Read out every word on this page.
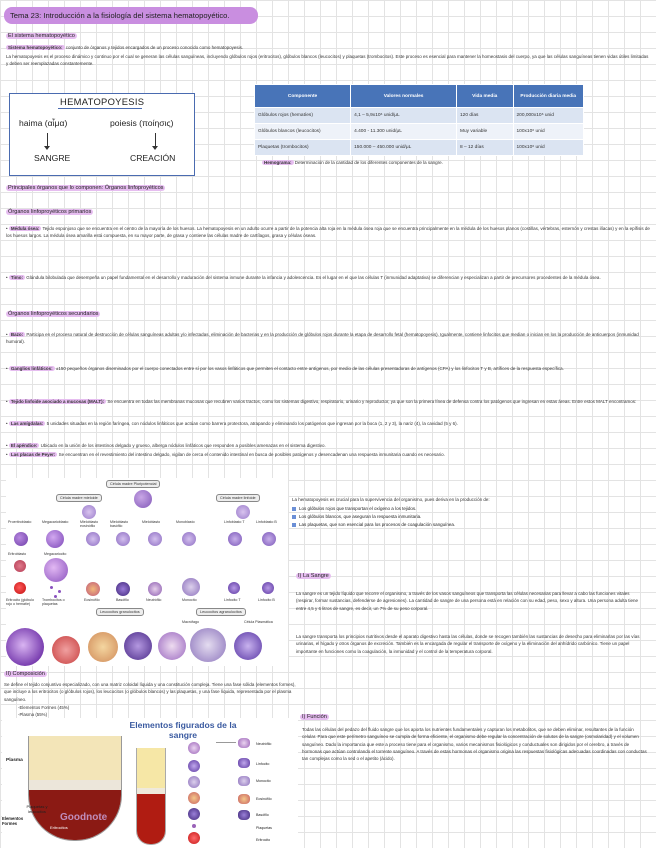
Tema 23: Introducción a la fisiología del sistema hematopoyético.
El sistema hematopoyético
Sistema hematopoyético: conjunto de órganos y tejidos encargados de un proceso conocido como hematopoyesis.
La hematopoyesis es el proceso dinámico y continuo por el cual se generan las células sanguíneas, incluyendo glóbulos rojos (eritrocitos), glóbulos blancos (leucocitos) y plaquetas (trombocitos). Este proceso es esencial para mantener la homeostasis del cuerpo, ya que las células sanguíneas tienen vidas útiles limitadas y deben ser reemplazadas constantemente.
HEMATOPOYESIS
haima (αἷμα)	poiesis (ποίησις)
SANGRE	CREACIÓN
Componente	Valores normales	Vida media	Producción diaria media
Glóbulos rojos (hematíes)	4,1 – 5,9x10⁶ unid/μL	120 días	200,000x10⁶ unid
Glóbulos blancos (leucocitos)	4.400 - 11.300 unid/μL	Muy variable	100x10⁶ unid
Plaquetas (trombocitos)	150.000 – 450.000 unid/μL	8 – 12 días	100x10⁶ unid
Hemograma: Determinación de la cantidad de los diferentes componentes de la sangre.
Principales órganos que lo componen: Órganos linfoproyéticos
Órganos linfoproyéticos primarios
• Médula ósea: Tejido esponjoso que se encuentra en el centro de la mayoría de los huesos. La hematopoyesis en un adulto ocurre a partir de la potencia alta roja en la médula ósea roja que se encuentra principalmente en la médula de los huesos planos (costillas, vértebras, esternón y crestas ilíacas) y en la epífisis de los huesos largos. La médula ósea amarilla está compuesta, en su mayor parte, de grasa y contiene las células madre de cartílagos, grasa y células óseas.
• Timo: Glándula bilobulada que desempeña un papel fundamental en el desarrollo y maduración del sistema inmune durante la infancia y adolescencia. Es el lugar en el que las células T (inmunidad adaptativa) se diferencian y especializan a partir de precursores procedentes de la médula ósea.
Órganos linfoproyéticos secundarios
• Bazo: Participa en el proceso natural de destrucción de células sanguíneas adultas y/o infectadas, eliminación de bacterias y en la producción de glóbulos rojos durante la etapa de desarrollo fetal (hematopoyesis). Igualmente, contiene linfocitos que median o inician en los la producción de anticuerpos (inmunidad humoral).
• Ganglios linfáticos: ±150 pequeños órganos diseminados por el cuerpo conectados entre sí por los vasos linfáticos que permiten el contacto entre antígenos, por medio de las células presentadoras de antígenos (CPA) y los linfocitos T y B, artífices de la respuesta específica.
• Tejido linfoide asociado a mucosas (MALT): Se encuentra en todas las membranas mucosas que recubren varios tractos, como los sistemas digestivo, respiratorio, urinario y reproductor, ya que son la primera línea de defensa contra los patógenos que ingresan en estas áreas. Entre estos MALT encontramos:
• Las amígdalas: 5 unidades situadas en la región faríngea, con nódulos linfáticos que actúan como barrera protectora, atrapando y eliminando los patógenos que ingresan por la boca (1, 2 y 3), la nariz (4), la cavidad (5 y 6).
• El apéndice: Ubicado en la unión de los intestinos delgado y grueso, alberga nódulos linfáticos que responden a posibles amenazas en el sistema digestivo.
• Las placas de Peyer: Se encuentran en el revestimiento del intestino delgado, vigilan de cerca el contenido intestinal en busca de posibles patógenos y desencadenan una respuesta inmunitaria cuando es necesario.
Célula madre Pluripotencial
Célula madre mieloide	Célula madre linfoide
Proeritroblasto	Megacarioblasto	Mieloblasto eosinófilo
Mieloblasto basófilo
Mieloblasto	Monoblasto	Linfoblasto T	Linfoblasto B
Eritroblasto	Megacariocito
Eritrocito (glóbulo rojo o hematíe)
Trombocitos o plaquetas
Eosinófilo	Basófilo	Neutrófilo	Monocito	Linfocito T	Linfocito B
Leucocitos granulocitos	Leucocitos agranulocitos
Macrófago	Célula Plasmática
La hematopoyesis es crucial para la supervivencia del organismo, pues deriva en la producción de:
Los glóbulos rojos que transportan el oxígeno a los tejidos.
Los glóbulos blancos, que aseguran la respuesta inmunitaria.
Las plaquetas, que son esencial para los procesos de coagulación sanguínea.
I) La Sangre
La sangre es un tejido líquido que recorre el organismo, a través de los vasos sanguíneos que transporta las células necesarias para llevar a cabo las funciones vitales (respirar, formar sustancias, defenderse de agresiones). La cantidad de sangre de una persona está en relación con su edad, peso, sexo y altura. Una persona adulta tiene entre 4,5 y 6 litros de sangre, es decir, un 7% de su peso corporal.
La sangre transporta los principios nutritivos desde el aparato digestivo hasta las células, donde se recogen también las sustancias de desecho para eliminarlas por las vías urinarias, el hígado y otros órganos de excreción. También es la encargada de regular el transporte de oxígeno y la eliminación del anhídrido carbónico. Tiene un papel importante en funciones como la coagulación, la inmunidad y el control de la temperatura corporal.
II) Composición
Se define el tejido conjuntivo especializado, con una matriz coloidal líquida y una constitución compleja. Tiene una fase sólida (elementos formes), que incluye a los eritrocitos (o glóbulos rojos), los leucocitos (o glóbulos blancos) y las plaquetas, y una fase líquida, representada por el plasma sanguíneo.
-Elementos Formes (45%)
-Plasma (55%)
Elementos figurados de la
sangre
Plasma
Plaquetas y leucocitos
Elementos Formes
Eritrocitos
Goodnote
Neutrófilo
Linfocito
Monocito
Eosinófilo
Basófilo
Plaquetas
Eritrocito
I) Función
Todas las células del pedazo del fluido sangre que los aporta los nutrientes fundamentales y capturan los metabolitos, que se deben eliminar, resultantes de la función celular. Para que este perímetro sanguíneo se cumpla de forma eficiente, el organismo debe regular la concentración de solutos de la sangre (osmolaridad) y el volumen sanguíneo. Dado la importancia que este a proceso tiene para el organismo, varios mecanismos fisiológicos y conductuales son dirigidos por el cerebro, a través de hormonas que actúan controlando el torrente sanguíneo. A través de estas hormonas el organismo origina las respuestas fisiológicas adecuadas coordinadas con conductas tan complejas como la sed o el apetito (ácido).
